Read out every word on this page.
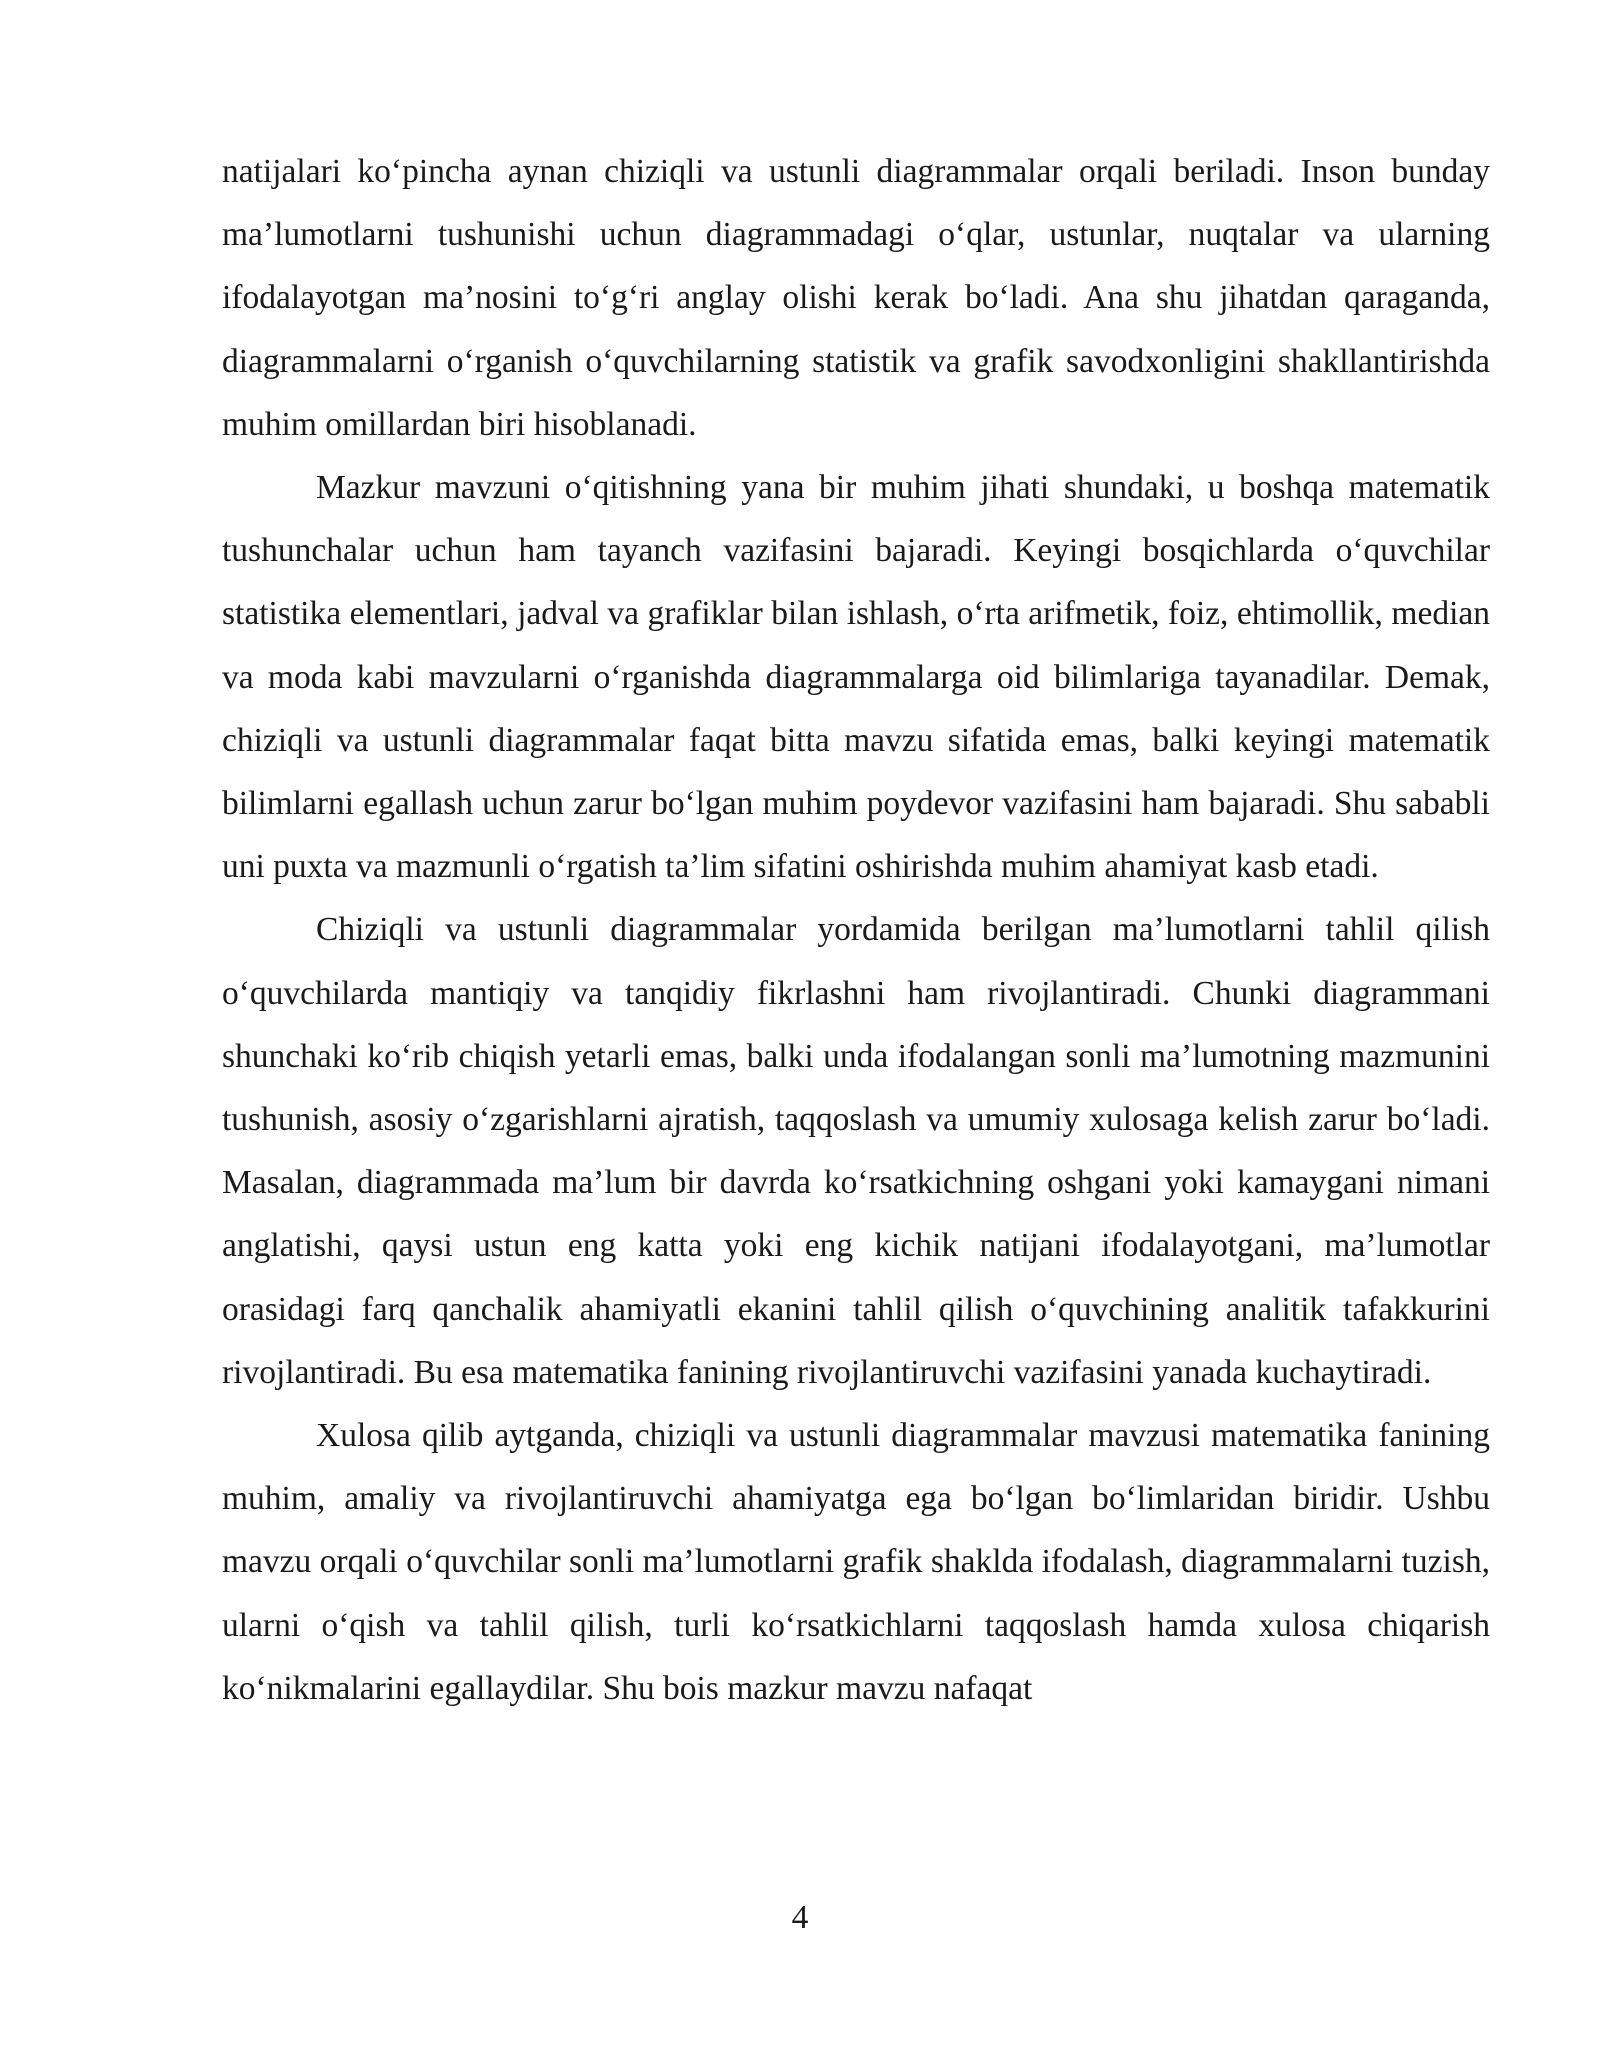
natijalari ko‘pincha aynan chiziqli va ustunli diagrammalar orqali beriladi. Inson bunday ma’lumotlarni tushunishi uchun diagrammadagi o‘qlar, ustunlar, nuqtalar va ularning ifodalayotgan ma’nosini to‘g‘ri anglay olishi kerak bo‘ladi. Ana shu jihatdan qaraganda, diagrammalarni o‘rganish o‘quvchilarning statistik va grafik savodxonligini shakllantirishda muhim omillardan biri hisoblanadi.

Mazkur mavzuni o‘qitishning yana bir muhim jihati shundaki, u boshqa matematik tushunchalar uchun ham tayanch vazifasini bajaradi. Keyingi bosqichlarda o‘quvchilar statistika elementlari, jadval va grafiklar bilan ishlash, o‘rta arifmetik, foiz, ehtimollik, median va moda kabi mavzularni o‘rganishda diagrammalarga oid bilimlariga tayanadilar. Demak, chiziqli va ustunli diagrammalar faqat bitta mavzu sifatida emas, balki keyingi matematik bilimlarni egallash uchun zarur bo‘lgan muhim poydevor vazifasini ham bajaradi. Shu sababli uni puxta va mazmunli o‘rgatish ta’lim sifatini oshirishda muhim ahamiyat kasb etadi.

Chiziqli va ustunli diagrammalar yordamida berilgan ma’lumotlarni tahlil qilish o‘quvchilarda mantiqiy va tanqidiy fikrlashni ham rivojlantiradi. Chunki diagrammani shunchaki ko‘rib chiqish yetarli emas, balki unda ifodalangan sonli ma’lumotning mazmunini tushunish, asosiy o‘zgarishlarni ajratish, taqqoslash va umumiy xulosaga kelish zarur bo‘ladi. Masalan, diagrammada ma’lum bir davrda ko‘rsatkichning oshgani yoki kamaygani nimani anglatishi, qaysi ustun eng katta yoki eng kichik natijani ifodalayotgani, ma’lumotlar orasidagi farq qanchalik ahamiyatli ekanini tahlil qilish o‘quvchining analitik tafakkurini rivojlantiradi. Bu esa matematika fanining rivojlantiruvchi vazifasini yanada kuchaytiradi.

Xulosa qilib aytganda, chiziqli va ustunli diagrammalar mavzusi matematika fanining muhim, amaliy va rivojlantiruvchi ahamiyatga ega bo‘lgan bo‘limlaridan biridir. Ushbu mavzu orqali o‘quvchilar sonli ma’lumotlarni grafik shaklda ifodalash, diagrammalarni tuzish, ularni o‘qish va tahlil qilish, turli ko‘rsatkichlarni taqqoslash hamda xulosa chiqarish ko‘nikmalarini egallaydilar. Shu bois mazkur mavzu nafaqat

4
